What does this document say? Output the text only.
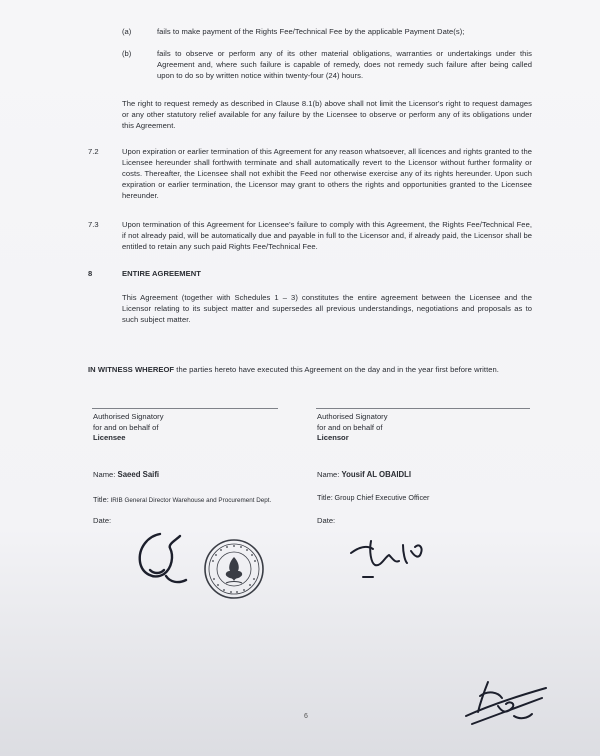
(a)	fails to make payment of the Rights Fee/Technical Fee by the applicable Payment Date(s);
(b)	fails to observe or perform any of its other material obligations, warranties or undertakings under this Agreement and, where such failure is capable of remedy, does not remedy such failure after being called upon to do so by written notice within twenty-four (24) hours.
The right to request remedy as described in Clause 8.1(b) above shall not limit the Licensor's right to request damages or any other statutory relief available for any failure by the Licensee to observe or perform any of its obligations under this Agreement.
7.2	Upon expiration or earlier termination of this Agreement for any reason whatsoever, all licences and rights granted to the Licensee hereunder shall forthwith terminate and shall automatically revert to the Licensor without further formality or costs. Thereafter, the Licensee shall not exhibit the Feed nor otherwise exercise any of its rights hereunder. Upon such expiration or earlier termination, the Licensor may grant to others the rights and opportunities granted to the Licensee hereunder.
7.3	Upon termination of this Agreement for Licensee's failure to comply with this Agreement, the Rights Fee/Technical Fee, if not already paid, will be automatically due and payable in full to the Licensor and, if already paid, the Licensor shall be entitled to retain any such paid Rights Fee/Technical Fee.
8	ENTIRE AGREEMENT
This Agreement (together with Schedules 1 – 3) constitutes the entire agreement between the Licensee and the Licensor relating to its subject matter and supersedes all previous understandings, negotiations and proposals as to such subject matter.
IN WITNESS WHEREOF the parties hereto have executed this Agreement on the day and in the year first before written.
Authorised Signatory
for and on behalf of
Licensee
Name: Saeed Saifi
Title: IRIB General Director Warehouse and Procurement Dept.
Date:
Authorised Signatory
for and on behalf of
Licensor
Name: Yousif AL OBAIDLI
Title: Group Chief Executive Officer
Date:
6
